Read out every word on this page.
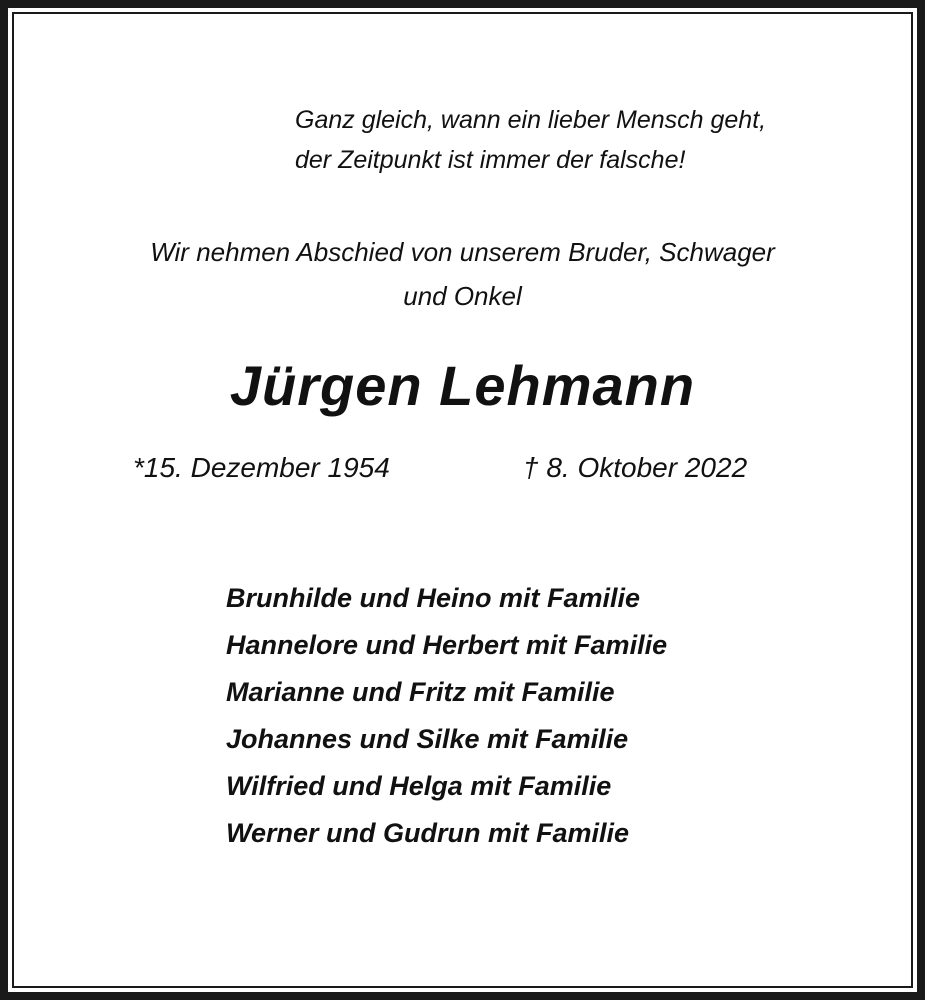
Ganz gleich, wann ein lieber Mensch geht,
der Zeitpunkt ist immer der falsche!
Wir nehmen Abschied von unserem Bruder, Schwager
und Onkel
Jürgen Lehmann
*15. Dezember 1954	† 8. Oktober 2022
Brunhilde und Heino mit Familie
Hannelore und Herbert mit Familie
Marianne und Fritz mit Familie
Johannes und Silke mit Familie
Wilfried und Helga mit Familie
Werner und Gudrun mit Familie
